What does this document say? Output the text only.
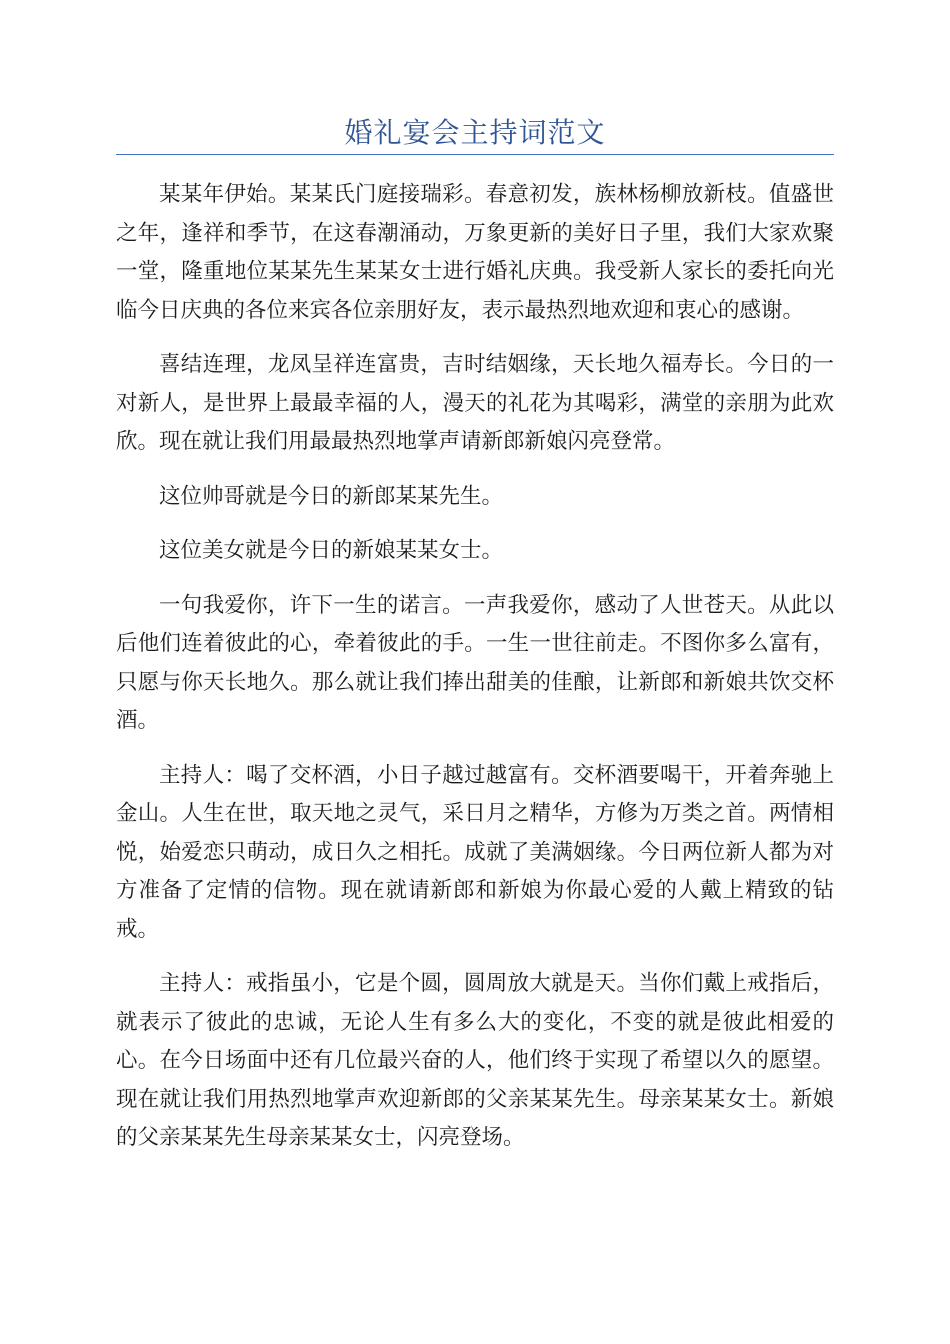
婚礼宴会主持词范文

某某年伊始。某某氏门庭接瑞彩。春意初发，族林杨柳放新枝。值盛世之年，逢祥和季节，在这春潮涌动，万象更新的美好日子里，我们大家欢聚一堂，隆重地位某某先生某某女士进行婚礼庆典。我受新人家长的委托向光临今日庆典的各位来宾各位亲朋好友，表示最热烈地欢迎和衷心的感谢。

喜结连理，龙凤呈祥连富贵，吉时结姻缘，天长地久福寿长。今日的一对新人，是世界上最最幸福的人，漫天的礼花为其喝彩，满堂的亲朋为此欢欣。现在就让我们用最最热烈地掌声请新郎新娘闪亮登常。

这位帅哥就是今日的新郎某某先生。

这位美女就是今日的新娘某某女士。

一句我爱你，许下一生的诺言。一声我爱你，感动了人世苍天。从此以后他们连着彼此的心，牵着彼此的手。一生一世往前走。不图你多么富有，只愿与你天长地久。那么就让我们捧出甜美的佳酿，让新郎和新娘共饮交杯酒。

主持人：喝了交杯酒，小日子越过越富有。交杯酒要喝干，开着奔驰上金山。人生在世，取天地之灵气，采日月之精华，方修为万类之首。两情相悦，始爱恋只萌动，成日久之相托。成就了美满姻缘。今日两位新人都为对方准备了定情的信物。现在就请新郎和新娘为你最心爱的人戴上精致的钻戒。

主持人：戒指虽小，它是个圆，圆周放大就是天。当你们戴上戒指后，就表示了彼此的忠诚，无论人生有多么大的变化，不变的就是彼此相爱的心。在今日场面中还有几位最兴奋的人，他们终于实现了希望以久的愿望。现在就让我们用热烈地掌声欢迎新郎的父亲某某先生。母亲某某女士。新娘的父亲某某先生母亲某某女士，闪亮登场。
